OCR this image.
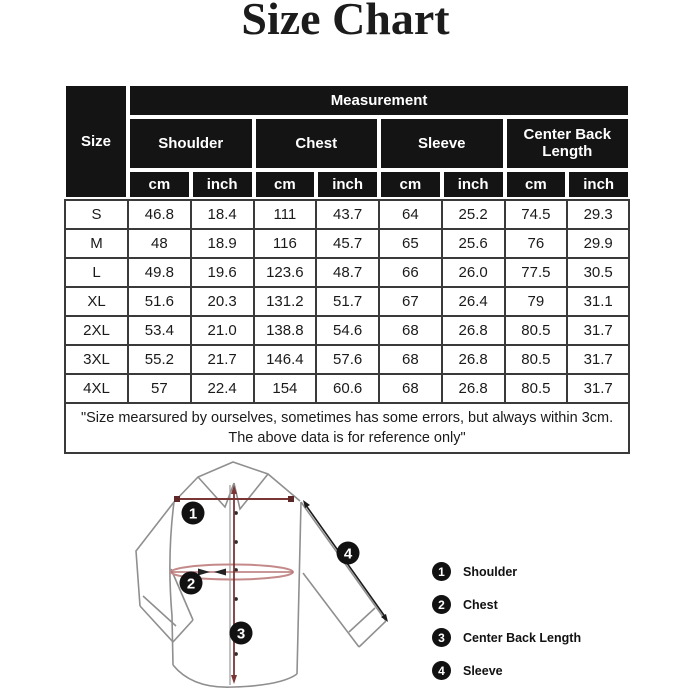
Size Chart
Size	Measurement							
	Shoulder		Chest		Sleeve		Center Back Length	
	cm	inch	cm	inch	cm	inch	cm	inch
S	46.8	18.4	111	43.7	64	25.2	74.5	29.3
M	48	18.9	116	45.7	65	25.6	76	29.9
L	49.8	19.6	123.6	48.7	66	26.0	77.5	30.5
XL	51.6	20.3	131.2	51.7	67	26.4	79	31.1
2XL	53.4	21.0	138.8	54.6	68	26.8	80.5	31.7
3XL	55.2	21.7	146.4	57.6	68	26.8	80.5	31.7
4XL	57	22.4	154	60.6	68	26.8	80.5	31.7

"Size mearsured by ourselves, sometimes has some errors, but always within 3cm.
The above data is for reference only"								
1
2
3
4
1	Shoulder
2	Chest
3	Center Back Length
4	Sleeve
